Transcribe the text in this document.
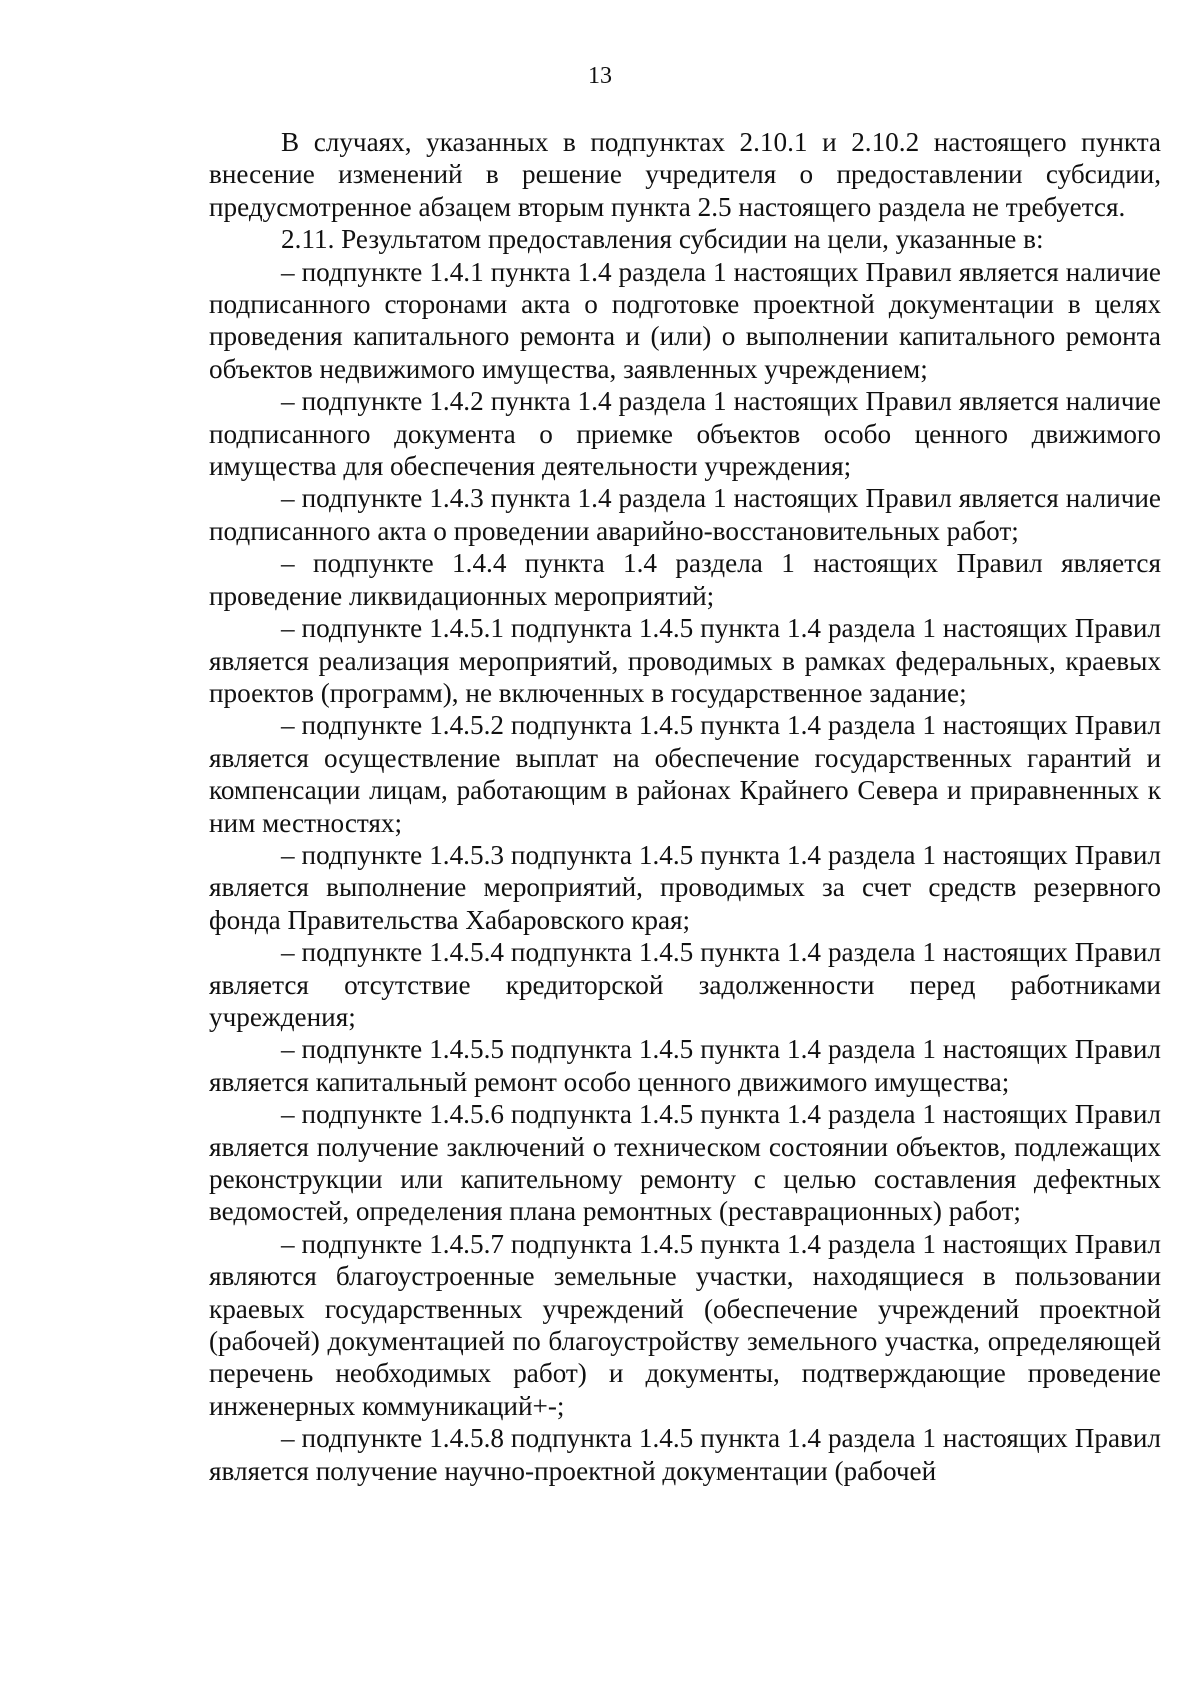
13

В случаях, указанных в подпунктах 2.10.1 и 2.10.2 настоящего пункта внесение изменений в решение учредителя о предоставлении субсидии, предусмотренное абзацем вторым пункта 2.5 настоящего раздела не требуется.

2.11. Результатом предоставления субсидии на цели, указанные в:

– подпункте 1.4.1 пункта 1.4 раздела 1 настоящих Правил является наличие подписанного сторонами акта о подготовке проектной документации в целях проведения капитального ремонта и (или) о выполнении капитального ремонта объектов недвижимого имущества, заявленных учреждением;

– подпункте 1.4.2 пункта 1.4 раздела 1 настоящих Правил является наличие подписанного документа о приемке объектов особо ценного движимого имущества для обеспечения деятельности учреждения;

– подпункте 1.4.3 пункта 1.4 раздела 1 настоящих Правил является наличие подписанного акта о проведении аварийно-восстановительных работ;

– подпункте 1.4.4 пункта 1.4 раздела 1 настоящих Правил является проведение ликвидационных мероприятий;

– подпункте 1.4.5.1 подпункта 1.4.5 пункта 1.4 раздела 1 настоящих Правил является реализация мероприятий, проводимых в рамках федеральных, краевых проектов (программ), не включенных в государственное задание;

– подпункте 1.4.5.2 подпункта 1.4.5 пункта 1.4 раздела 1 настоящих Правил является осуществление выплат на обеспечение государственных гарантий и компенсации лицам, работающим в районах Крайнего Севера и приравненных к ним местностях;

– подпункте 1.4.5.3 подпункта 1.4.5 пункта 1.4 раздела 1 настоящих Правил является выполнение мероприятий, проводимых за счет средств резервного фонда Правительства Хабаровского края;

– подпункте 1.4.5.4 подпункта 1.4.5 пункта 1.4 раздела 1 настоящих Правил является отсутствие кредиторской задолженности перед работниками учреждения;

– подпункте 1.4.5.5 подпункта 1.4.5 пункта 1.4 раздела 1 настоящих Правил является капитальный ремонт особо ценного движимого имущества;

– подпункте 1.4.5.6 подпункта 1.4.5 пункта 1.4 раздела 1 настоящих Правил является получение заключений о техническом состоянии объектов, подлежащих реконструкции или капительному ремонту с целью составления дефектных ведомостей, определения плана ремонтных (реставрационных) работ;

– подпункте 1.4.5.7 подпункта 1.4.5 пункта 1.4 раздела 1 настоящих Правил являются благоустроенные земельные участки, находящиеся в пользовании краевых государственных учреждений (обеспечение учреждений проектной (рабочей) документацией по благоустройству земельного участка, определяющей перечень необходимых работ) и документы, подтверждающие проведение инженерных коммуникаций+-;

– подпункте 1.4.5.8 подпункта 1.4.5 пункта 1.4 раздела 1 настоящих Правил является получение научно-проектной документации (рабочей
